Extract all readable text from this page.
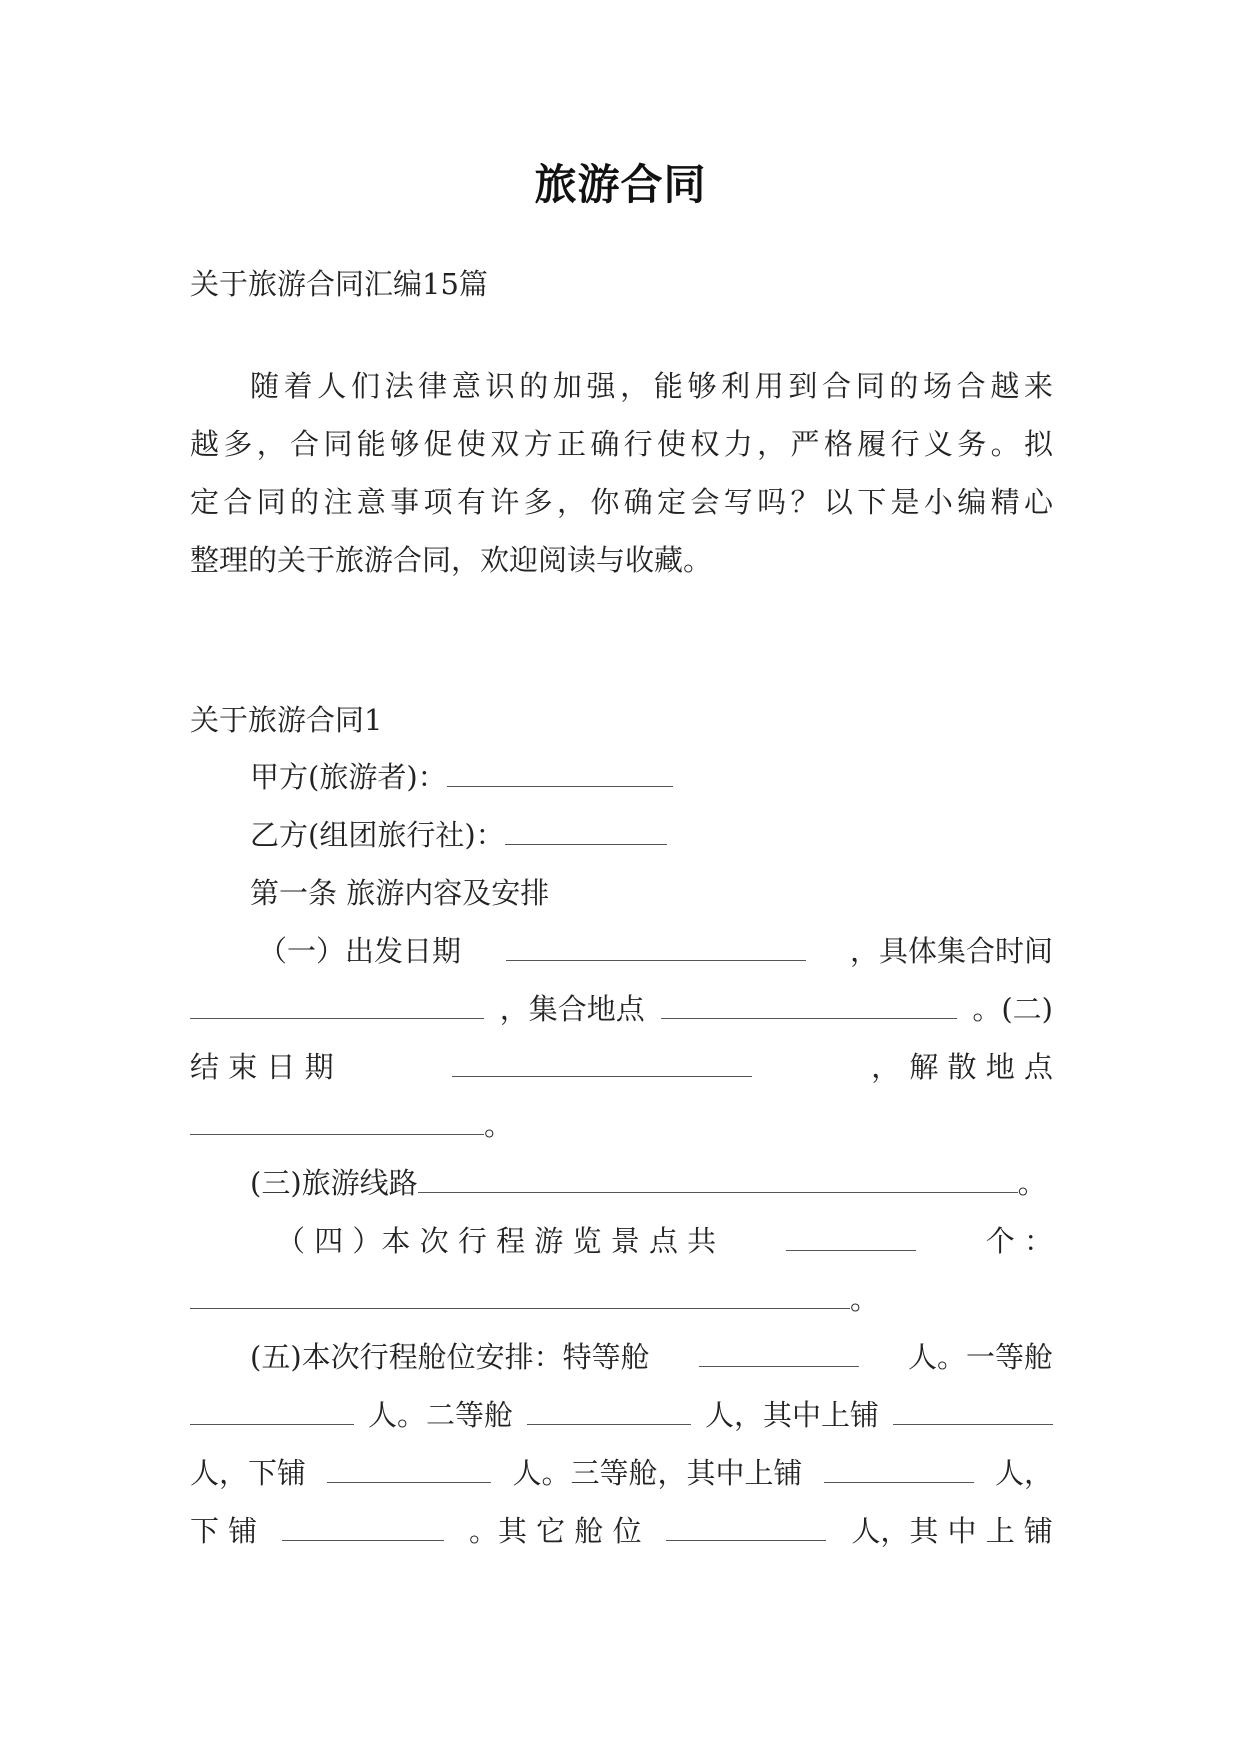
旅游合同
关于旅游合同汇编15篇
随着人们法律意识的加强，能够利用到合同的场合越来
越多，合同能够促使双方正确行使权力，严格履行义务。拟
定合同的注意事项有许多，你确定会写吗？以下是小编精心
整理的关于旅游合同，欢迎阅读与收藏。
关于旅游合同1
甲方(旅游者)：
乙方(组团旅行社)：
第一条 旅游内容及安排
（一）出发日期	，具体集合时间
，集合地点	。(二)
结 束 日 期	， 解 散 地 点
。
(三)旅游线路	。
（ 四 ）本 次 行 程 游 览 景 点 共	个 ：
。
(五)本次行程舱位安排：特等舱	人。一等舱
人。二等舱	人，其中上铺
人，下铺	人。三等舱，其中上铺	人，
下 铺	。其 它 舱 位	人，其 中 上 铺
